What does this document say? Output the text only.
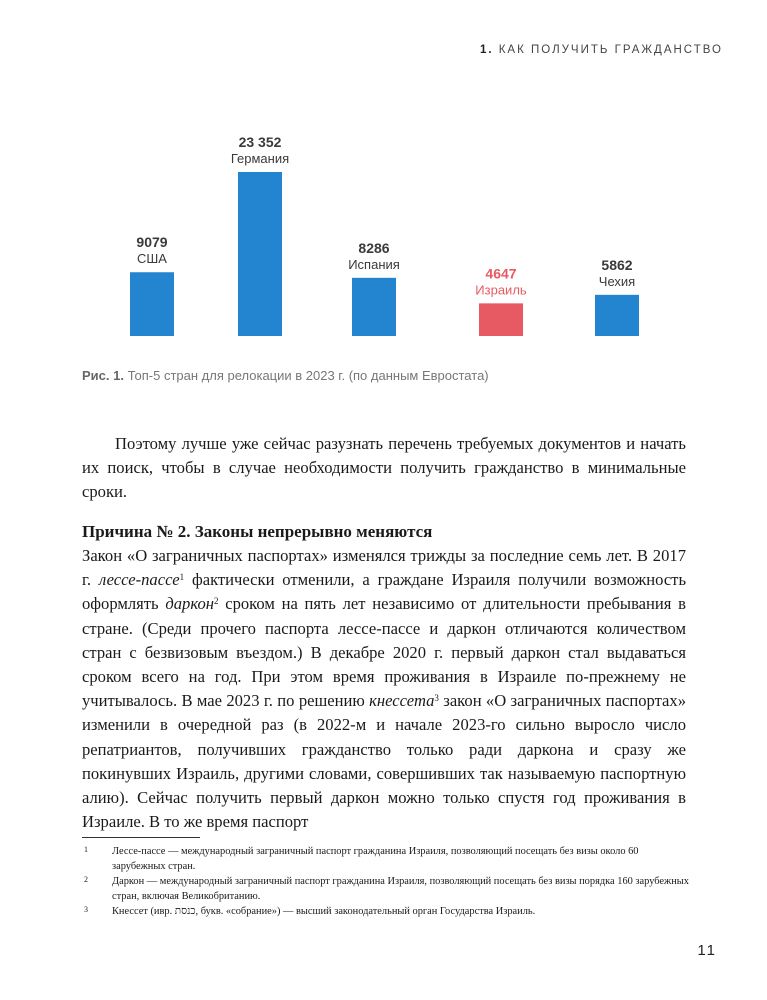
1. КАК ПОЛУЧИТЬ ГРАЖДАНСТВО
США
9079
Германия
23 352
Испания
8286
Израиль
4647	Чехия
5862
Рис. 1. Топ-5 стран для релокации в 2023 г. (по данным Евростата)

Поэтому лучше уже сейчас разузнать перечень требуемых документов и начать их поиск, чтобы в случае необходимости получить гражданство в минимальные сроки.

Причина № 2. Законы непрерывно меняются

Закон «О заграничных паспортах» изменялся трижды за последние семь лет. В 2017 г. лессе-пассе$^1$ фактически отменили, а граждане Израиля получили возможность оформлять даркон$^2$ сроком на пять лет независимо от длительности пребывания в стране. (Среди прочего паспорта лессе-пассе и даркон отличаются количеством стран с безвизовым въездом.) В декабре 2020 г. первый даркон стал выдаваться сроком всего на год. При этом время проживания в Израиле по-прежнему не учитывалось. В мае 2023 г. по решению кнессета$^3$ закон «О заграничных паспортах» изменили в очередной раз (в 2022-м и начале 2023-го сильно выросло число репатриантов, получивших гражданство только ради даркона и сразу же покинувших Израиль, другими словами, совершивших так называемую паспортную алию). Сейчас получить первый даркон можно только спустя год проживания в Израиле. В то же время паспорт

1 Лессе-пассе — международный заграничный паспорт гражданина Израиля, позволяющий посещать без визы около 60 зарубежных стран.
2 Даркон — международный заграничный паспорт гражданина Израиля, позволяющий посещать без визы порядка 160 зарубежных стран, включая Великобританию.
3 Кнессет (ивр. כנסת, букв. «собрание») — высший законодательный орган Государства Израиль.
11
